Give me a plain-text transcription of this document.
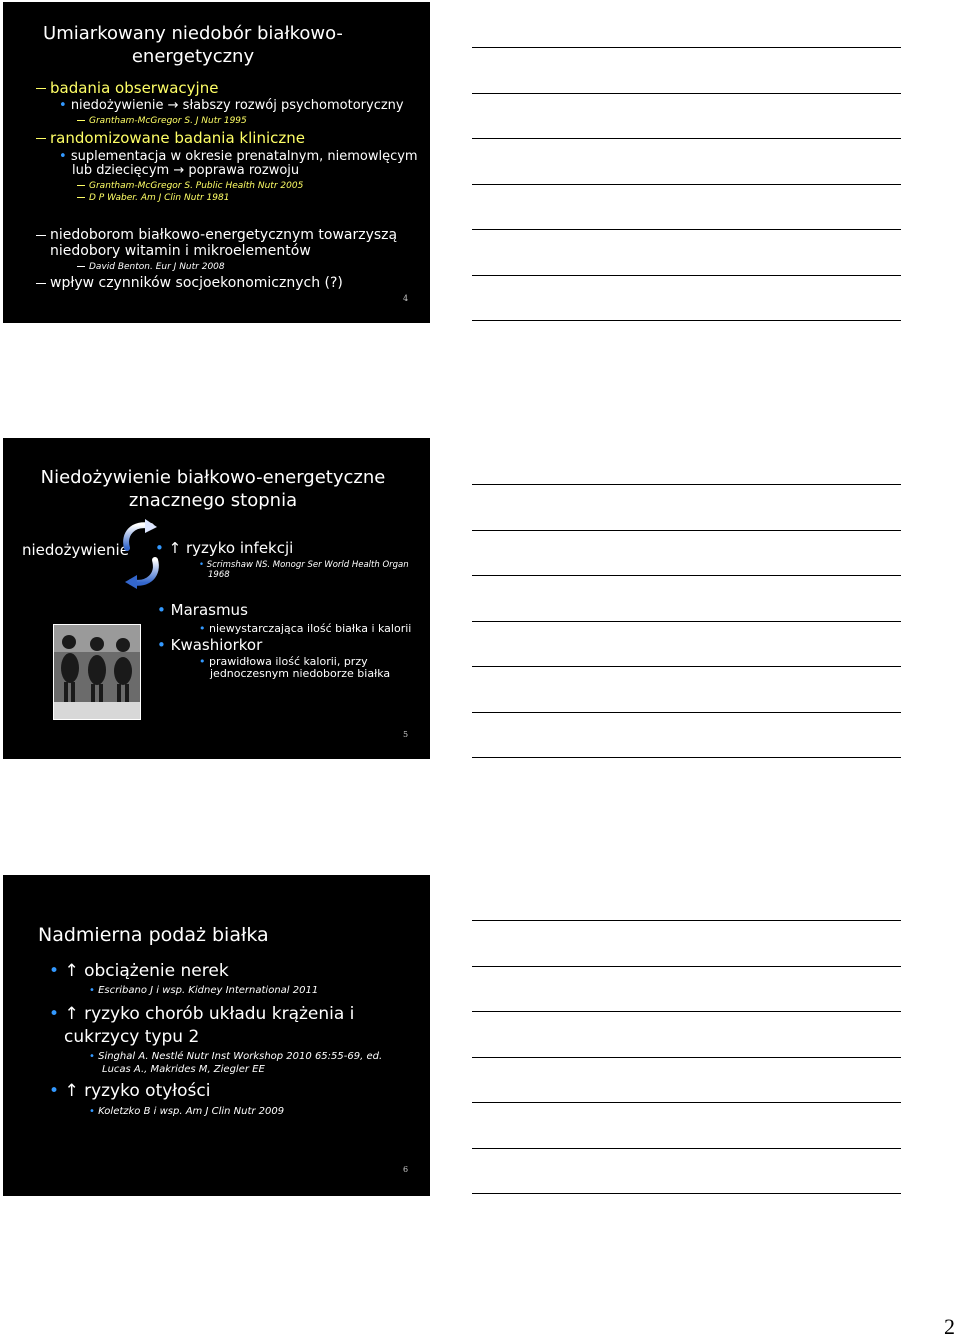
Umiarkowany niedobór białkowo-energetyczny
badania obserwacyjne
• niedożywienie → słabszy rozwój psychomotoryczny
Grantham-McGregor S. J Nutr 1995
randomizowane badania kliniczne
• suplementacja w okresie prenatalnym, niemowlęcym
lub dziecięcym → poprawa rozwoju
Grantham-McGregor S. Public Health Nutr 2005
D P Waber. Am J Clin Nutr 1981
niedoborom białkowo-energetycznym towarzyszą
niedobory witamin i mikroelementów
David Benton. Eur J Nutr 2008
wpływ czynników socjoekonomicznych (?)
4
Niedożywienie białkowo-energetyczne
znacznego stopnia
niedożywienie • ↑ ryzyko infekcji
• Scrimshaw NS. Monogr Ser World Health Organ
1968
• Marasmus
• niewystarczająca ilość białka i kalorii
• Kwashiorkor
• prawidłowa ilość kalorii, przy
jednoczesnym niedoborze białka
5
Nadmierna podaż białka
• ↑ obciążenie nerek
• Escribano J i wsp. Kidney International 2011
• ↑ ryzyko chorób układu krążenia i
cukrzycy typu 2
• Singhal A. Nestlé Nutr Inst Workshop 2010 65:55-69, ed.
Lucas A., Makrides M, Ziegler EE
• ↑ ryzyko otyłości
• Koletzko B i wsp. Am J Clin Nutr 2009
6
2
